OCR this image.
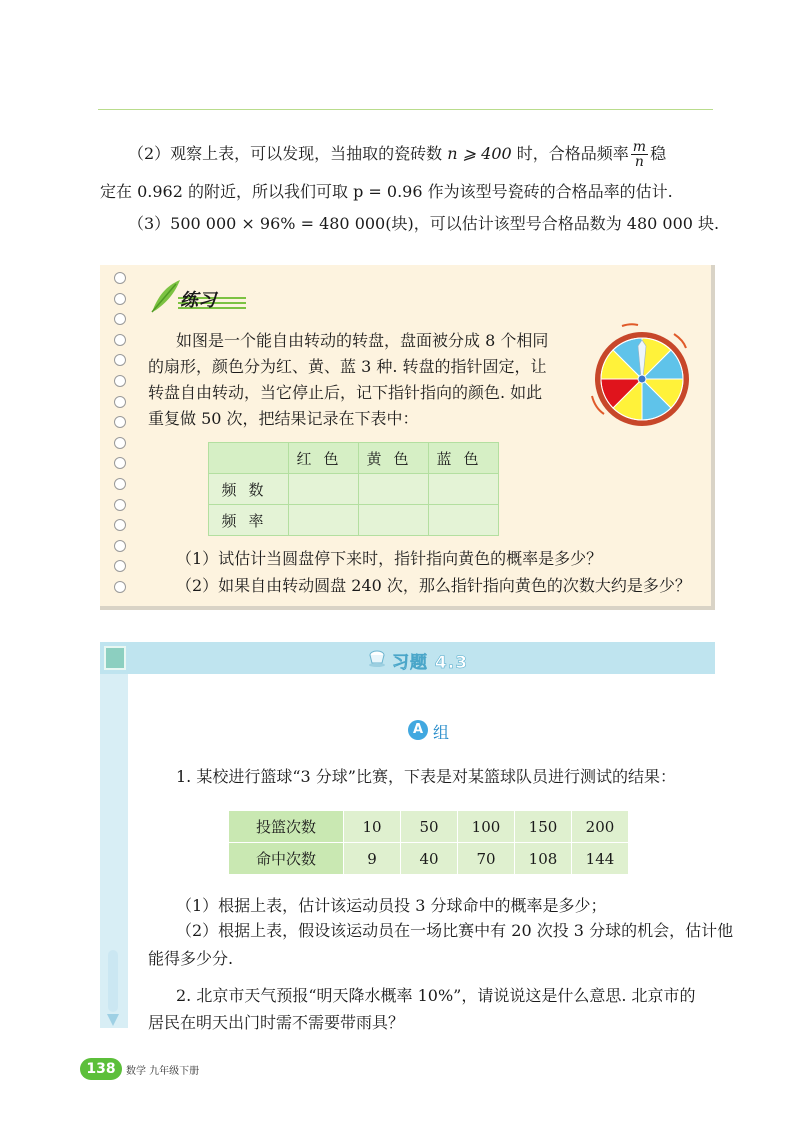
（2）观察上表，可以发现，当抽取的瓷砖数 n ⩾ 400 时，合格品频率 $\frac{m}{n}$ 稳
定在 0.962 的附近，所以我们可取 p = 0.96 作为该型号瓷砖的合格品率的估计.
（3）500 000 × 96% = 480 000(块)，可以估计该型号合格品数为 480 000 块.
练习
如图是一个能自由转动的转盘，盘面被分成 8 个相同
的扇形，颜色分为红、黄、蓝 3 种. 转盘的指针固定，让
转盘自由转动，当它停止后，记下指针指向的颜色. 如此
重复做 50 次，把结果记录在下表中：
	红色	黄色	蓝色
频数			
频率			
（1）试估计当圆盘停下来时，指针指向黄色的概率是多少？
（2）如果自由转动圆盘 240 次，那么指针指向黄色的次数大约是多少？
习题 4.3
A 组
1. 某校进行篮球“3 分球”比赛，下表是对某篮球队员进行测试的结果：
投篮次数	10	50	100	150	200
命中次数	9	40	70	108	144
（1）根据上表，估计该运动员投 3 分球命中的概率是多少；
（2）根据上表，假设该运动员在一场比赛中有 20 次投 3 分球的机会，估计他
能得多少分.
2. 北京市天气预报“明天降水概率 10%”，请说说这是什么意思. 北京市的
居民在明天出门时需不需要带雨具？
138	数学 九年级下册
